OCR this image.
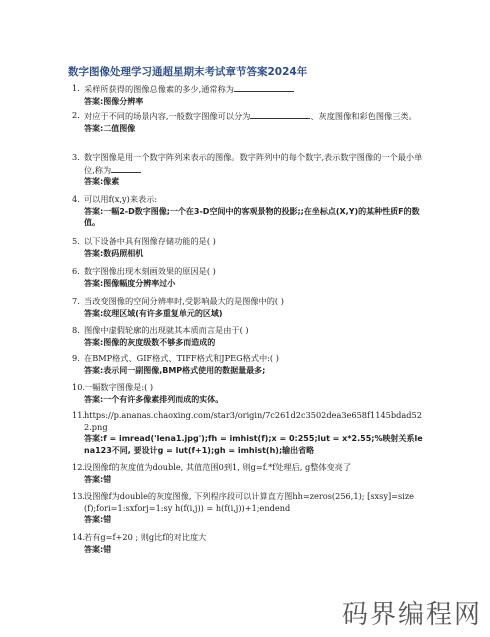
数字图像处理学习通超星期末考试章节答案2024年
1. 采样所获得的图像总像素的多少,通常称为
答案:图像分辨率
2. 对应于不同的场景内容,一般数字图像可以分为	、灰度图像和彩色图像三类。
答案:二值图像
3. 数字图像是用一个数字阵列来表示的图像。数字阵列中的每个数字,表示数字图像的一个最小单位,称为
答案:像素
4. 可以用f(x,y)来表示:
答案:一幅2-D数字图像;一个在3-D空间中的客观景物的投影;;在坐标点(X,Y)的某种性质F的数值。
5. 以下设备中具有图像存储功能的是( )
答案:数码照相机
6. 数字图像出现木刻画效果的原因是( )
答案:图像幅度分辨率过小
7. 当改变图像的空间分辨率时,受影响最大的是图像中的( )
答案:纹理区域(有许多重复单元的区域)
8. 图像中虚假轮廓的出现就其本质而言是由于( )
答案:图像的灰度级数不够多而造成的
9. 在BMP格式、GIF格式、TIFF格式和JPEG格式中:( )
答案:表示同一副图像,BMP格式使用的数据量最多;
10.
一幅数字图像是:( )
答案:一个有许多像素排列而成的实体。
11.
https://p.ananas.chaoxing.com/star3/origin/7c261d2c3502dea3e658f1145bdad522.png
答案:f = imread('lena1.jpg');fh = imhist(f);x = 0:255;lut = x*2.55;%映射关系lena123不同, 要设计g = lut(f+1);gh = imhist(h);输出省略
12.
设图像f的灰度值为double, 其值范围0到1, 则g=f.*f处理后, g整体变亮了
答案:错
13.
设图像f为double的灰度图像, 下列程序段可以计算直方图hh=zeros(256,1); [sxsy]=size(f);fori=1:sxforj=1:sy h(f(i,j)) = h(f(i,j))+1;endend
答案:错
14.
若有g=f+20 ; 则g比f的对比度大
答案:错
码界编程网
